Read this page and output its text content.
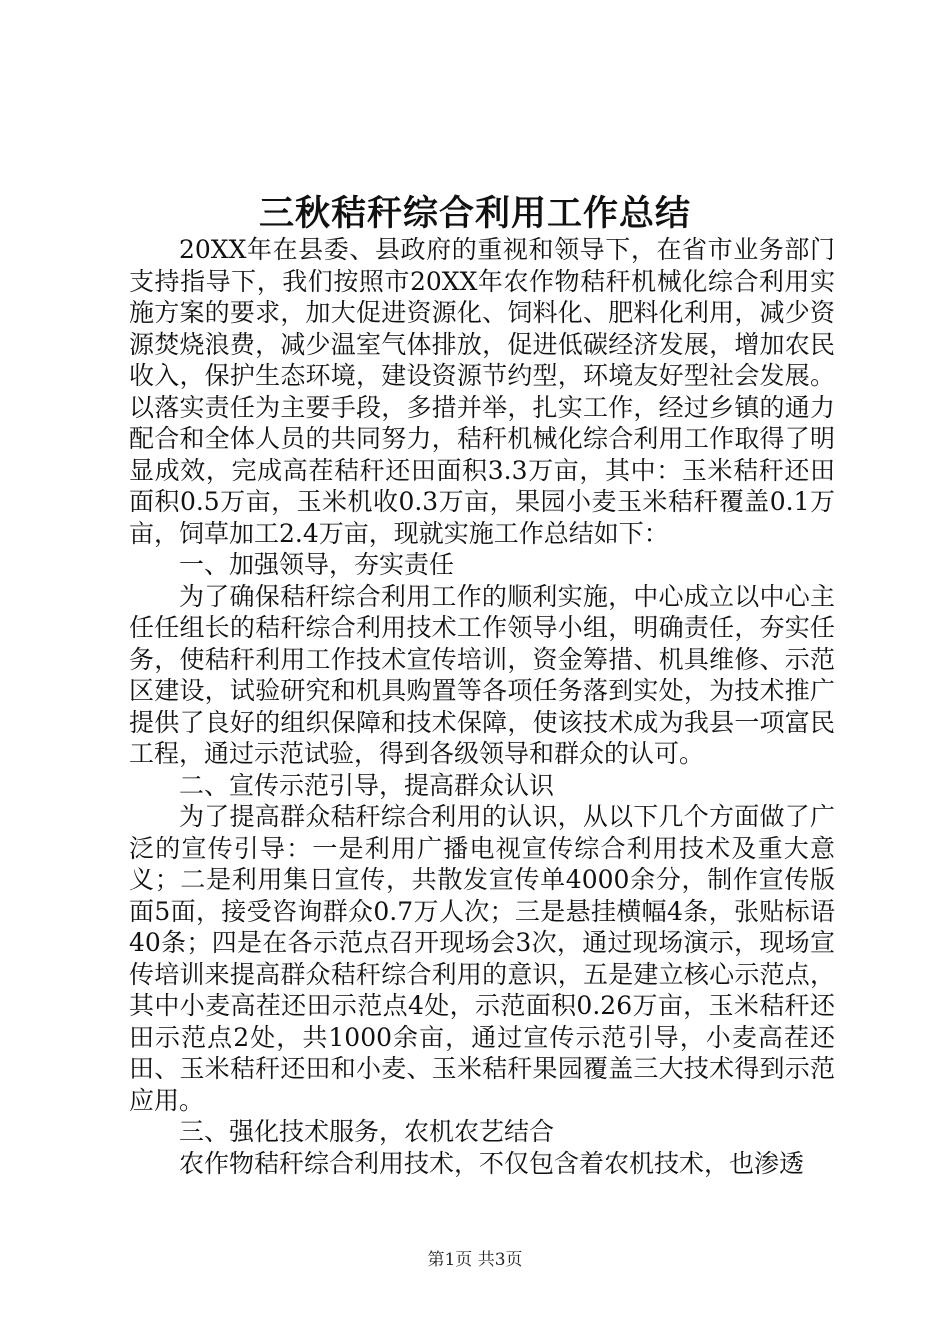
三秋秸秆综合利用工作总结

20XX年在县委、县政府的重视和领导下，在省市业务部门支持指导下，我们按照市20XX年农作物秸秆机械化综合利用实施方案的要求，加大促进资源化、饲料化、肥料化利用，减少资源焚烧浪费，减少温室气体排放，促进低碳经济发展，增加农民收入，保护生态环境，建设资源节约型，环境友好型社会发展。以落实责任为主要手段，多措并举，扎实工作，经过乡镇的通力配合和全体人员的共同努力，秸秆机械化综合利用工作取得了明显成效，完成高茬秸秆还田面积3.3万亩，其中：玉米秸秆还田面积0.5万亩，玉米机收0.3万亩，果园小麦玉米秸秆覆盖0.1万亩，饲草加工2.4万亩，现就实施工作总结如下：

一、加强领导，夯实责任

为了确保秸秆综合利用工作的顺利实施，中心成立以中心主任任组长的秸秆综合利用技术工作领导小组，明确责任，夯实任务，使秸秆利用工作技术宣传培训，资金筹措、机具维修、示范区建设，试验研究和机具购置等各项任务落到实处，为技术推广提供了良好的组织保障和技术保障，使该技术成为我县一项富民工程，通过示范试验，得到各级领导和群众的认可。

二、宣传示范引导，提高群众认识

为了提高群众秸秆综合利用的认识，从以下几个方面做了广泛的宣传引导：一是利用广播电视宣传综合利用技术及重大意义；二是利用集日宣传，共散发宣传单4000余分，制作宣传版面5面，接受咨询群众0.7万人次；三是悬挂横幅4条，张贴标语40条；四是在各示范点召开现场会3次，通过现场演示，现场宣传培训来提高群众秸秆综合利用的意识，五是建立核心示范点，其中小麦高茬还田示范点4处，示范面积0.26万亩，玉米秸秆还田示范点2处，共1000余亩，通过宣传示范引导，小麦高茬还田、玉米秸秆还田和小麦、玉米秸秆果园覆盖三大技术得到示范应用。

三、强化技术服务，农机农艺结合

农作物秸秆综合利用技术，不仅包含着农机技术，也渗透

第1页 共3页
